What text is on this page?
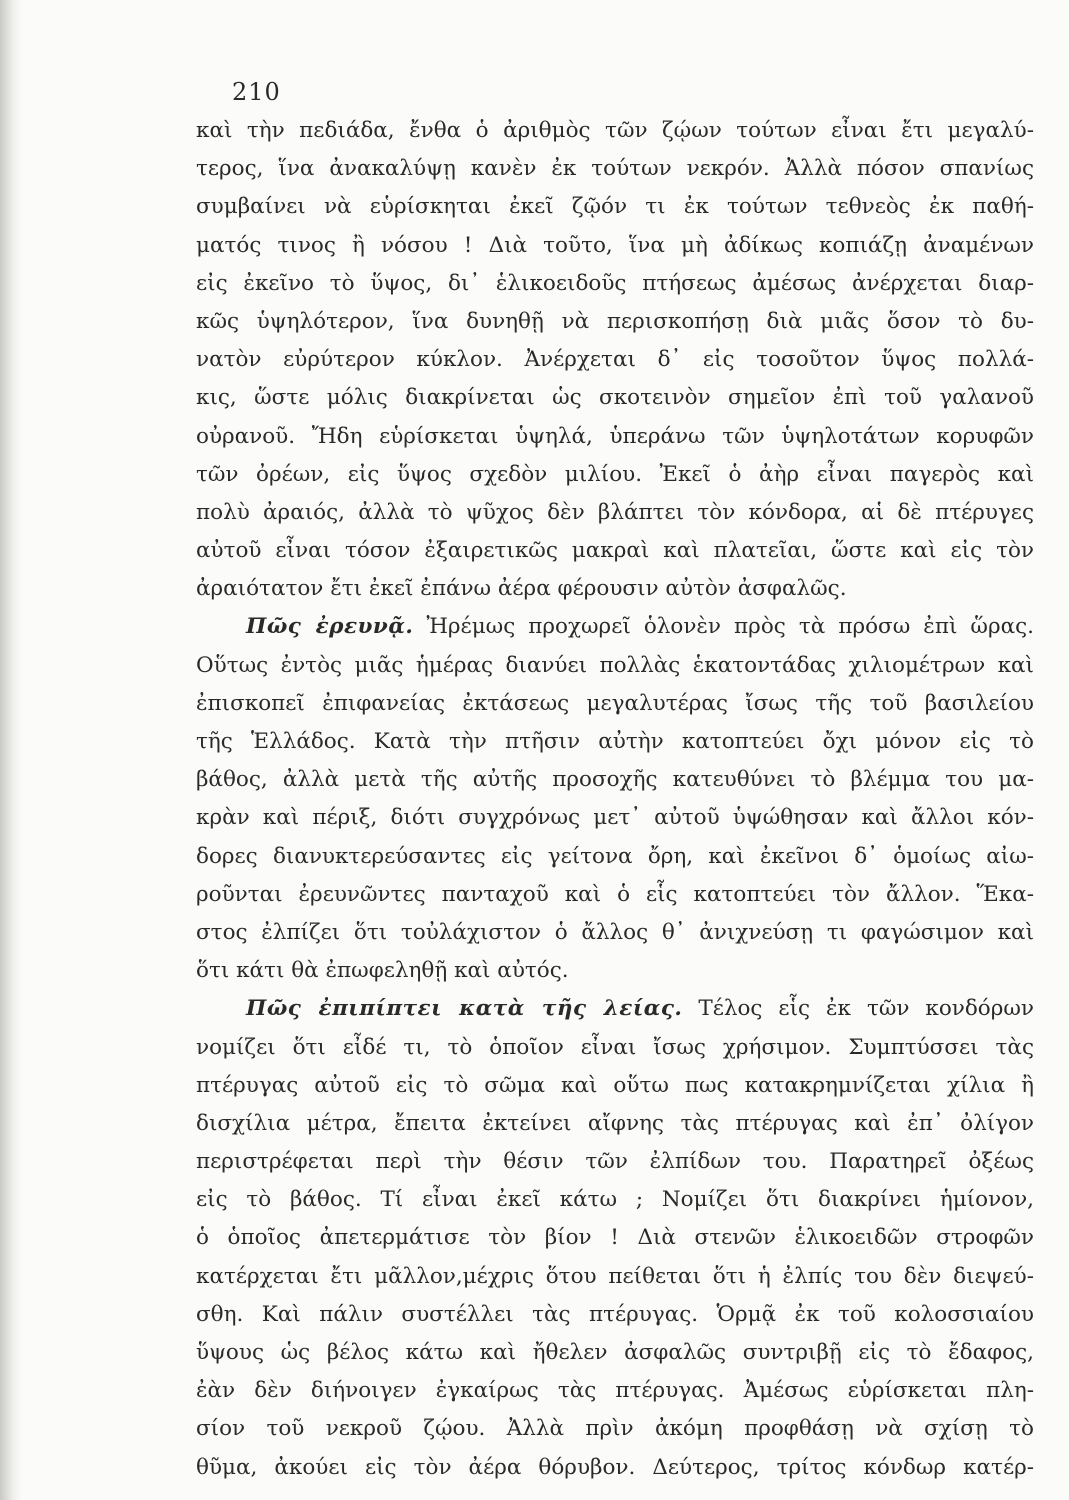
210
καὶ τὴν πεδιάδα, ἔνθα ὁ ἀριθμὸς τῶν ζῴων τούτων εἶναι ἔτι μεγαλύ-
τερος, ἵνα ἀνακαλύψῃ κανὲν ἐκ τούτων νεκρόν. Ἀλλὰ πόσον σπανίως
συμβαίνει νὰ εὑρίσκηται ἐκεῖ ζῷόν τι ἐκ τούτων τεθνεὸς ἐκ παθή-
ματός τινος ἢ νόσου ! Διὰ τοῦτο, ἵνα μὴ ἀδίκως κοπιάζῃ ἀναμένων
εἰς ἐκεῖνο τὸ ὕψος, δι᾽ ἑλικοειδοῦς πτήσεως ἀμέσως ἀνέρχεται διαρ-
κῶς ὑψηλότερον, ἵνα δυνηθῇ νὰ περισκοπήσῃ διὰ μιᾶς ὅσον τὸ δυ-
νατὸν εὐρύτερον κύκλον. Ἀνέρχεται δ᾽ εἰς τοσοῦτον ὕψος πολλά-
κις, ὥστε μόλις διακρίνεται ὡς σκοτεινὸν σημεῖον ἐπὶ τοῦ γαλανοῦ
οὐρανοῦ. Ἤδη εὑρίσκεται ὑψηλά, ὑπεράνω τῶν ὑψηλοτάτων κορυφῶν
τῶν ὀρέων, εἰς ὕψος σχεδὸν μιλίου. Ἐκεῖ ὁ ἀὴρ εἶναι παγερὸς καὶ
πολὺ ἀραιός, ἀλλὰ τὸ ψῦχος δὲν βλάπτει τὸν κόνδορα, αἱ δὲ πτέρυγες
αὐτοῦ εἶναι τόσον ἐξαιρετικῶς μακραὶ καὶ πλατεῖαι, ὥστε καὶ εἰς τὸν
ἀραιότατον ἔτι ἐκεῖ ἐπάνω ἀέρα φέρουσιν αὐτὸν ἀσφαλῶς.
Πῶς ἐρευνᾷ. Ἠρέμως προχωρεῖ ὁλονὲν πρὸς τὰ πρόσω ἐπὶ ὥρας.
Οὕτως ἐντὸς μιᾶς ἡμέρας διανύει πολλὰς ἑκατοντάδας χιλιομέτρων καὶ
ἐπισκοπεῖ ἐπιφανείας ἐκτάσεως μεγαλυτέρας ἴσως τῆς τοῦ βασιλείου
τῆς Ἑλλάδος. Κατὰ τὴν πτῆσιν αὐτὴν κατοπτεύει ὄχι μόνον εἰς τὸ
βάθος, ἀλλὰ μετὰ τῆς αὐτῆς προσοχῆς κατευθύνει τὸ βλέμμα του μα-
κρὰν καὶ πέριξ, διότι συγχρόνως μετ᾽ αὐτοῦ ὑψώθησαν καὶ ἄλλοι κόν-
δορες διανυκτερεύσαντες εἰς γείτονα ὄρη, καὶ ἐκεῖνοι δ᾽ ὁμοίως αἰω-
ροῦνται ἐρευνῶντες πανταχοῦ καὶ ὁ εἷς κατοπτεύει τὸν ἄλλον. Ἕκα-
στος ἐλπίζει ὅτι τοὐλάχιστον ὁ ἄλλος θ᾽ ἀνιχνεύσῃ τι φαγώσιμον καὶ
ὅτι κάτι θὰ ἐπωφεληθῇ καὶ αὐτός.
Πῶς ἐπιπίπτει κατὰ τῆς λείας. Τέλος εἷς ἐκ τῶν κονδόρων
νομίζει ὅτι εἶδέ τι, τὸ ὁποῖον εἶναι ἴσως χρήσιμον. Συμπτύσσει τὰς
πτέρυγας αὐτοῦ εἰς τὸ σῶμα καὶ οὕτω πως κατακρημνίζεται χίλια ἢ
δισχίλια μέτρα, ἔπειτα ἐκτείνει αἴφνης τὰς πτέρυγας καὶ ἐπ᾽ ὀλίγον
περιστρέφεται περὶ τὴν θέσιν τῶν ἐλπίδων του. Παρατηρεῖ ὀξέως
εἰς τὸ βάθος. Τί εἶναι ἐκεῖ κάτω ; Νομίζει ὅτι διακρίνει ἡμίονον,
ὁ ὁποῖος ἀπετερμάτισε τὸν βίον ! Διὰ στενῶν ἑλικοειδῶν στροφῶν
κατέρχεται ἔτι μᾶλλον,μέχρις ὅτου πείθεται ὅτι ἡ ἐλπίς του δὲν διεψεύ-
σθη. Καὶ πάλιν συστέλλει τὰς πτέρυγας. Ὁρμᾷ ἐκ τοῦ κολοσσιαίου
ὕψους ὡς βέλος κάτω καὶ ἤθελεν ἀσφαλῶς συντριβῇ εἰς τὸ ἔδαφος,
ἐὰν δὲν διήνοιγεν ἐγκαίρως τὰς πτέρυγας. Ἀμέσως εὑρίσκεται πλη-
σίον τοῦ νεκροῦ ζῴου. Ἀλλὰ πρὶν ἀκόμη προφθάσῃ νὰ σχίσῃ τὸ
θῦμα, ἀκούει εἰς τὸν ἀέρα θόρυβον. Δεύτερος, τρίτος κόνδωρ κατέρ-
